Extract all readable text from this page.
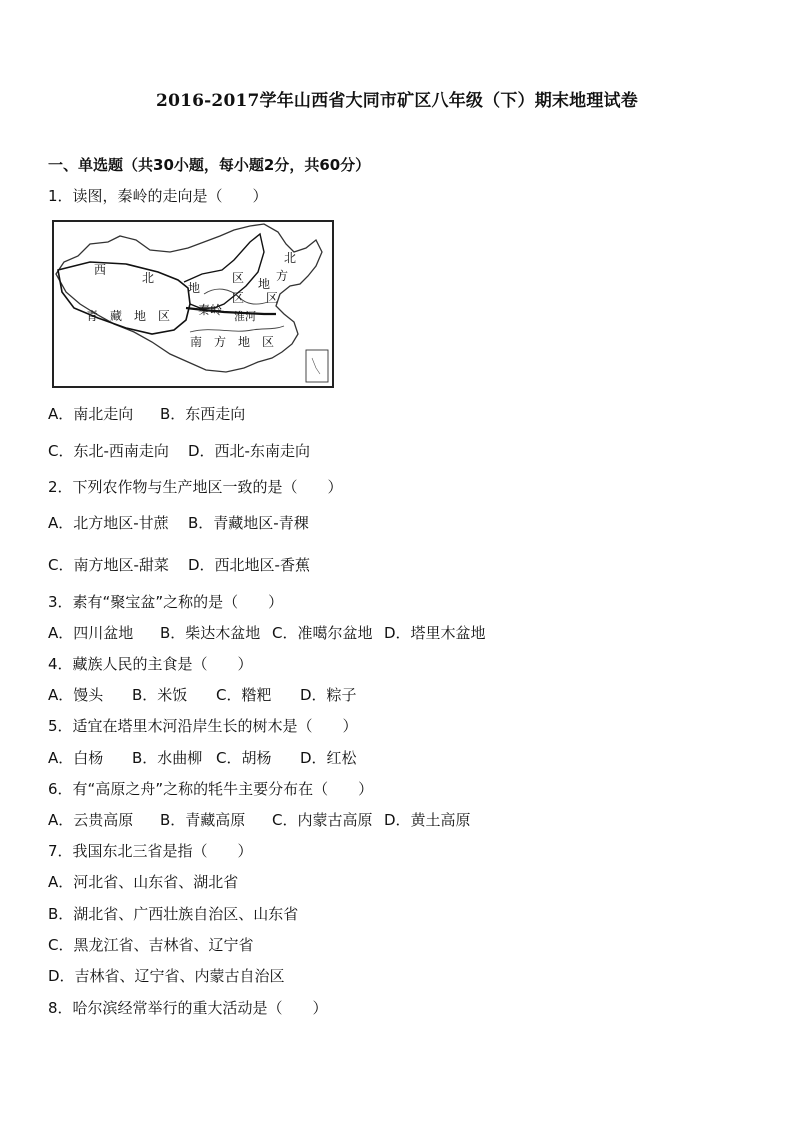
2016-2017学年山西省大同市矿区八年级（下）期末地理试卷
一、单选题（共30小题，每小题2分，共60分）
1．读图，秦岭的走向是（　　）
西
北	区
地
北
方
地
区 区
秦岭 淮河
青　藏　地　区
南　方　地　区
A．南北走向 B．东西走向
C．东北-西南走向 D．西北-东南走向
2．下列农作物与生产地区一致的是（　　）
A．北方地区-甘蔗 B．青藏地区-青稞
C．南方地区-甜菜 D．西北地区-香蕉
3．素有“聚宝盆”之称的是（　　）
A．四川盆地 B．柴达木盆地 C．准噶尔盆地 D．塔里木盆地
4．藏族人民的主食是（　　）
A．馒头 B．米饭 C．糌粑 D．粽子
5．适宜在塔里木河沿岸生长的树木是（　　）
A．白杨 B．水曲柳 C．胡杨 D．红松
6．有“高原之舟”之称的牦牛主要分布在（　　）
A．云贵高原 B．青藏高原 C．内蒙古高原 D．黄土高原
7．我国东北三省是指（　　）
A．河北省、山东省、湖北省
B．湖北省、广西壮族自治区、山东省
C．黑龙江省、吉林省、辽宁省
D．吉林省、辽宁省、内蒙古自治区
8．哈尔滨经常举行的重大活动是（　　）
